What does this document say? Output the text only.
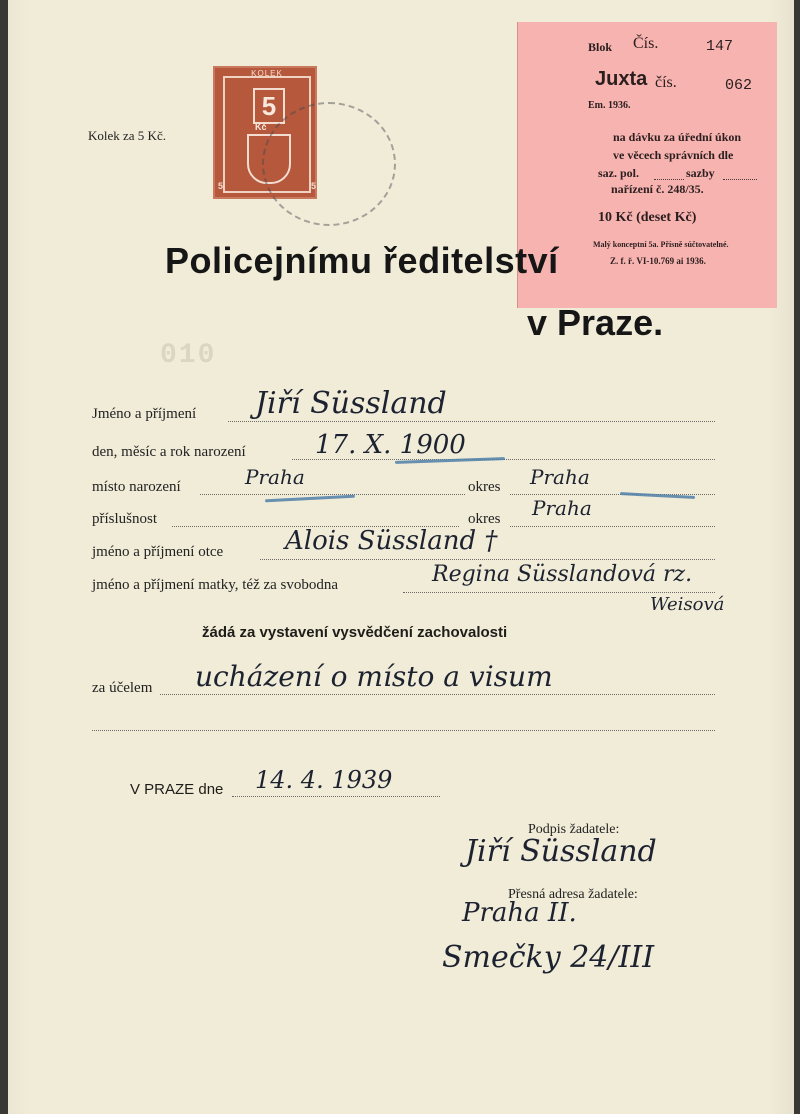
Kolek za 5 Kč.
KOLEK
5
Kč
5	5
Blok Čís.	147
Juxta čís.	062
Em. 1936.
na dávku za úřední úkon
ve věcech správních dle
saz. pol.	sazby
nařízení č. 248/35.
10 Kč (deset Kč)
Malý konceptní 5a. Přísně súčtovatelné.
Z. f. ř. VI-10.769 ai 1936.
Policejnímu ředitelství
v Praze.
010
Jméno a příjmení Jiří Süssland
den, měsíc a rok narození	17. X. 1900
místo narození	Praha	okres Praha
příslušnost	okres Praha
jméno a příjmení otce Alois Süssland †
jméno a příjmení matky, též za svobodna	Regina Süsslandová rz.
Weisová
žádá za vystavení vysvědčení zachovalosti
za účelem ucházení o místo a visum
V PRAZE dne 14. 4. 1939
Podpis žadatele:
Jiří Süssland
Přesná adresa žadatele:
Praha II.
Smečky 24/III
